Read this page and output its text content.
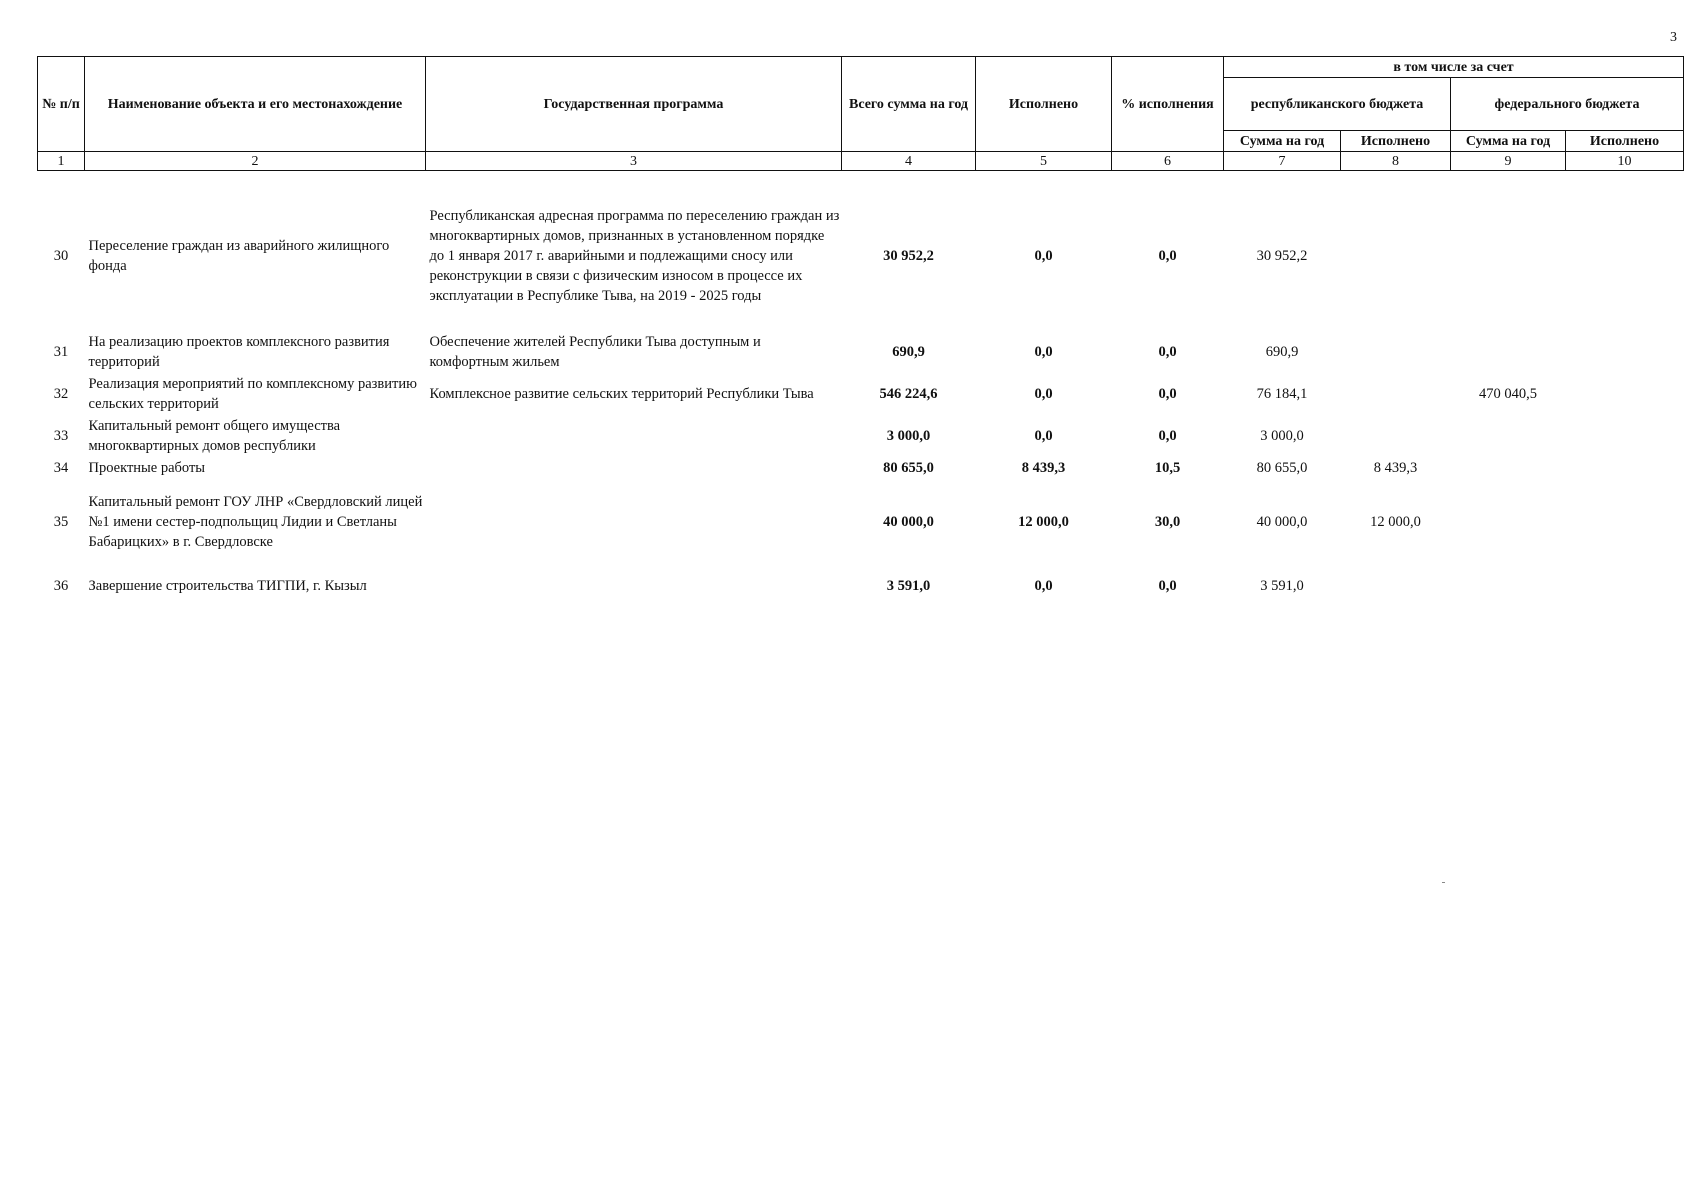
3
№ п/п	Наименование объекта и его местонахождение	Государственная программа	Всего сумма на год	Исполнено	% исполнения	в том числе за счет			
						республиканского бюджета		федерального бюджета	
						Сумма на год	Исполнено	Сумма на год	Исполнено
1	2	3	4	5	6	7	8	9	10

30	Переселение граждан из аварийного жилищного фонда	Республиканская адресная программа по переселению граждан из многоквартирных домов, признанных в установленном порядке до 1 января 2017 г. аварийными и подлежащими сносу или реконструкции в связи с физическим износом в процессе их эксплуатации в Республике Тыва, на 2019 - 2025 годы	30 952,2	0,0	0,0	30 952,2			
31	На реализацию проектов комплексного развития территорий	Обеспечение жителей Республики Тыва доступным и комфортным жильем	690,9	0,0	0,0	690,9			
32	Реализация мероприятий по комплексному развитию сельских территорий	Комплексное развитие сельских территорий Республики Тыва	546 224,6	0,0	0,0	76 184,1		470 040,5	
33	Капитальный ремонт общего имущества многоквартирных домов республики		3 000,0	0,0	0,0	3 000,0			
34	Проектные работы		80 655,0	8 439,3	10,5	80 655,0	8 439,3		
35	Капитальный ремонт ГОУ ЛНР «Свердловский лицей №1 имени сестер-подпольщиц Лидии и Светланы Бабарицких» в г. Свердловске		40 000,0	12 000,0	30,0	40 000,0	12 000,0		
36	Завершение строительства ТИГПИ, г. Кызыл		3 591,0	0,0	0,0	3 591,0			
